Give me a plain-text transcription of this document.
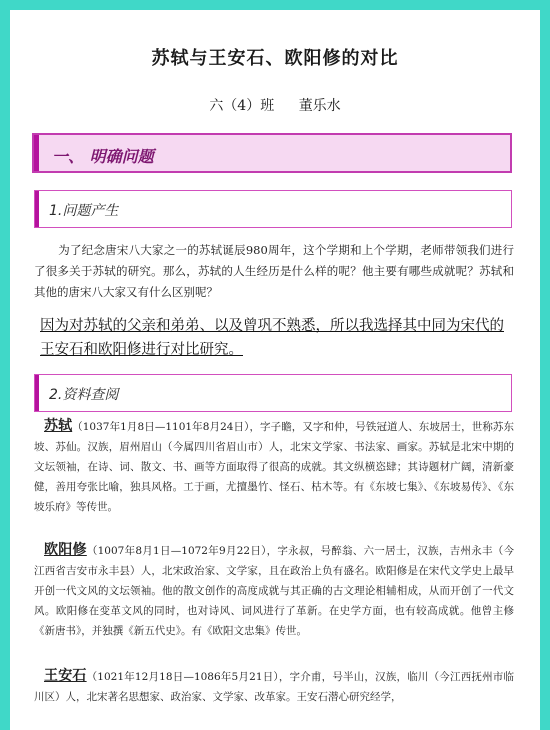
苏轼与王安石、欧阳修的对比
六（4）班 董乐水
一、 明确问题
1.问题产生
为了纪念唐宋八大家之一的苏轼诞辰980周年，这个学期和上个学期，老师带领我们进行了很多关于苏轼的研究。那么，苏轼的人生经历是什么样的呢？他主要有哪些成就呢？苏轼和其他的唐宋八大家又有什么区别呢？
因为对苏轼的父亲和弟弟、以及曾巩不熟悉，所以我选择其中同为宋代的王安石和欧阳修进行对比研究。
2.资料查阅
苏轼（1037年1月8日—1101年8月24日），字子瞻，又字和仲，号铁冠道人、东坡居士，世称苏东坡、苏仙。汉族，眉州眉山（今属四川省眉山市）人，北宋文学家、书法家、画家。苏轼是北宋中期的文坛领袖，在诗、词、散文、书、画等方面取得了很高的成就。其文纵横恣肆；其诗题材广阔，清新豪健，善用夸张比喻，独具风格。工于画，尤擅墨竹、怪石、枯木等。有《东坡七集》、《东坡易传》、《东坡乐府》等传世。
欧阳修（1007年8月1日—1072年9月22日），字永叔，号醉翁、六一居士，汉族，吉州永丰（今江西省吉安市永丰县）人，北宋政治家、文学家，且在政治上负有盛名。欧阳修是在宋代文学史上最早开创一代文风的文坛领袖。他的散文创作的高度成就与其正确的古文理论相辅相成，从而开创了一代文风。欧阳修在变革文风的同时，也对诗风、词风进行了革新。在史学方面，也有较高成就。他曾主修《新唐书》，并独撰《新五代史》。有《欧阳文忠集》传世。
王安石（1021年12月18日—1086年5月21日），字介甫，号半山，汉族，临川（今江西抚州市临川区）人，北宋著名思想家、政治家、文学家、改革家。王安石潜心研究经学，
